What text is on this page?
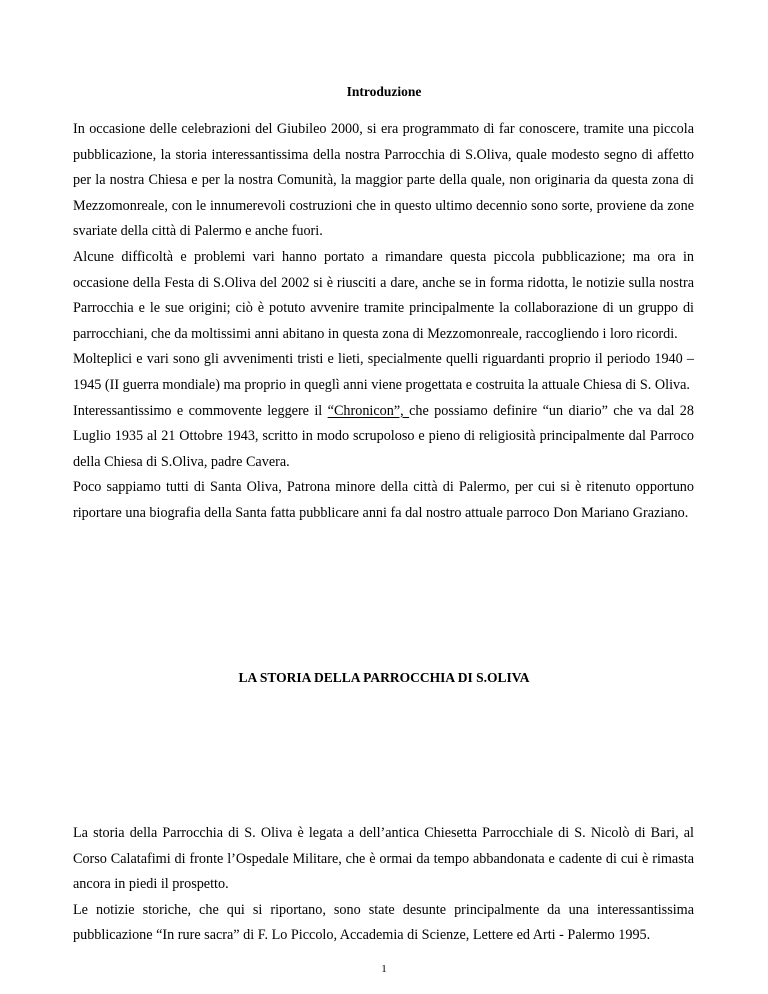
Introduzione

In occasione delle celebrazioni del Giubileo 2000, si era programmato di far conoscere, tramite una piccola pubblicazione, la storia interessantissima della nostra Parrocchia di S.Oliva, quale modesto segno di affetto per la nostra Chiesa e per la nostra Comunità, la maggior parte della quale, non originaria da questa zona di Mezzomonreale, con le innumerevoli costruzioni che in questo ultimo decennio sono sorte, proviene da zone svariate della città di Palermo e anche fuori.

Alcune difficoltà e problemi vari hanno portato a rimandare questa piccola pubblicazione; ma ora in occasione della Festa di S.Oliva del 2002 si è riusciti a dare, anche se in forma ridotta, le notizie sulla nostra Parrocchia e le sue origini; ciò è potuto avvenire tramite principalmente la collaborazione di un gruppo di parrocchiani, che da moltissimi anni abitano in questa zona di Mezzomonreale, raccogliendo i loro ricordi.

Molteplici e vari sono gli avvenimenti tristi e lieti, specialmente quelli riguardanti proprio il periodo 1940 – 1945 (II guerra mondiale) ma proprio in queglì anni viene progettata e costruita la attuale Chiesa di S. Oliva.

Interessantissimo e commovente leggere il “Chronicon”, che possiamo definire “un diario” che va dal 28 Luglio 1935 al 21 Ottobre 1943, scritto in modo scrupoloso e pieno di religiosità principalmente dal Parroco della Chiesa di S.Oliva, padre Cavera.

Poco sappiamo tutti di Santa Oliva, Patrona minore della città di Palermo, per cui si è ritenuto opportuno riportare una biografia della Santa fatta pubblicare anni fa dal nostro attuale parroco Don Mariano Graziano.

LA STORIA DELLA PARROCCHIA DI S.OLIVA

La storia della Parrocchia di S. Oliva è legata a dell’antica Chiesetta Parrocchiale di S. Nicolò di Bari, al Corso Calatafimi di fronte l’Ospedale Militare, che è ormai da tempo abbandonata e cadente di cui è rimasta ancora in piedi il prospetto.

Le notizie storiche, che qui si riportano, sono state desunte principalmente da una interessantissima pubblicazione “In rure sacra” di F. Lo Piccolo, Accademia di Scienze, Lettere ed Arti - Palermo 1995.

1
